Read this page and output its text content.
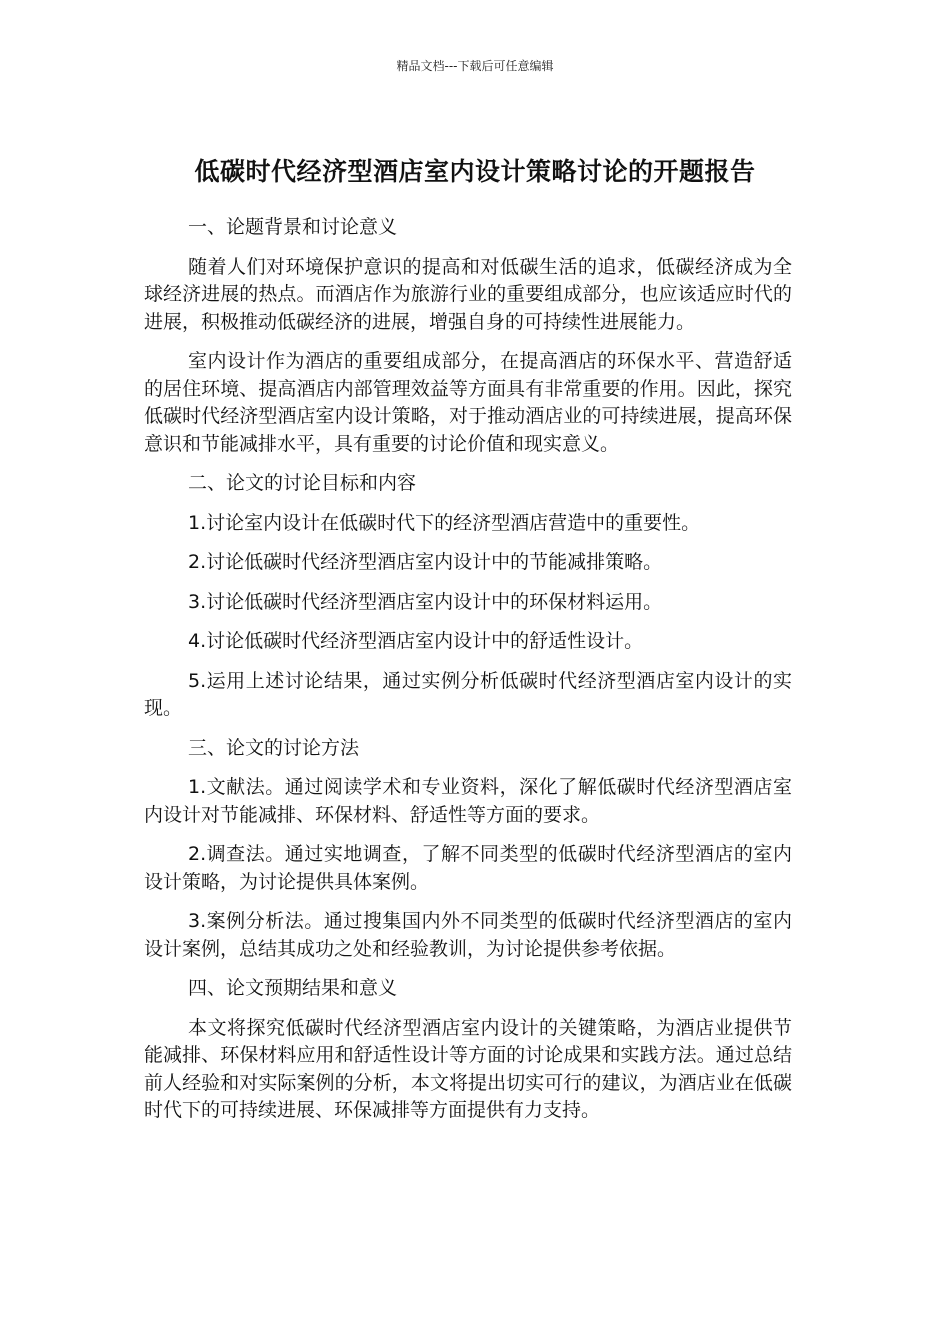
精品文档---下载后可任意编辑
低碳时代经济型酒店室内设计策略讨论的开题报告

一、论题背景和讨论意义

随着人们对环境保护意识的提高和对低碳生活的追求，低碳经济成为全球经济进展的热点。而酒店作为旅游行业的重要组成部分，也应该适应时代的进展，积极推动低碳经济的进展，增强自身的可持续性进展能力。

室内设计作为酒店的重要组成部分，在提高酒店的环保水平、营造舒适的居住环境、提高酒店内部管理效益等方面具有非常重要的作用。因此，探究低碳时代经济型酒店室内设计策略，对于推动酒店业的可持续进展，提高环保意识和节能减排水平，具有重要的讨论价值和现实意义。

二、论文的讨论目标和内容

1.讨论室内设计在低碳时代下的经济型酒店营造中的重要性。

2.讨论低碳时代经济型酒店室内设计中的节能减排策略。

3.讨论低碳时代经济型酒店室内设计中的环保材料运用。

4.讨论低碳时代经济型酒店室内设计中的舒适性设计。

5.运用上述讨论结果，通过实例分析低碳时代经济型酒店室内设计的实现。

三、论文的讨论方法

1.文献法。通过阅读学术和专业资料，深化了解低碳时代经济型酒店室内设计对节能减排、环保材料、舒适性等方面的要求。

2.调查法。通过实地调查，了解不同类型的低碳时代经济型酒店的室内设计策略，为讨论提供具体案例。

3.案例分析法。通过搜集国内外不同类型的低碳时代经济型酒店的室内设计案例，总结其成功之处和经验教训，为讨论提供参考依据。

四、论文预期结果和意义

本文将探究低碳时代经济型酒店室内设计的关键策略，为酒店业提供节能减排、环保材料应用和舒适性设计等方面的讨论成果和实践方法。通过总结前人经验和对实际案例的分析，本文将提出切实可行的建议，为酒店业在低碳时代下的可持续进展、环保减排等方面提供有力支持。
